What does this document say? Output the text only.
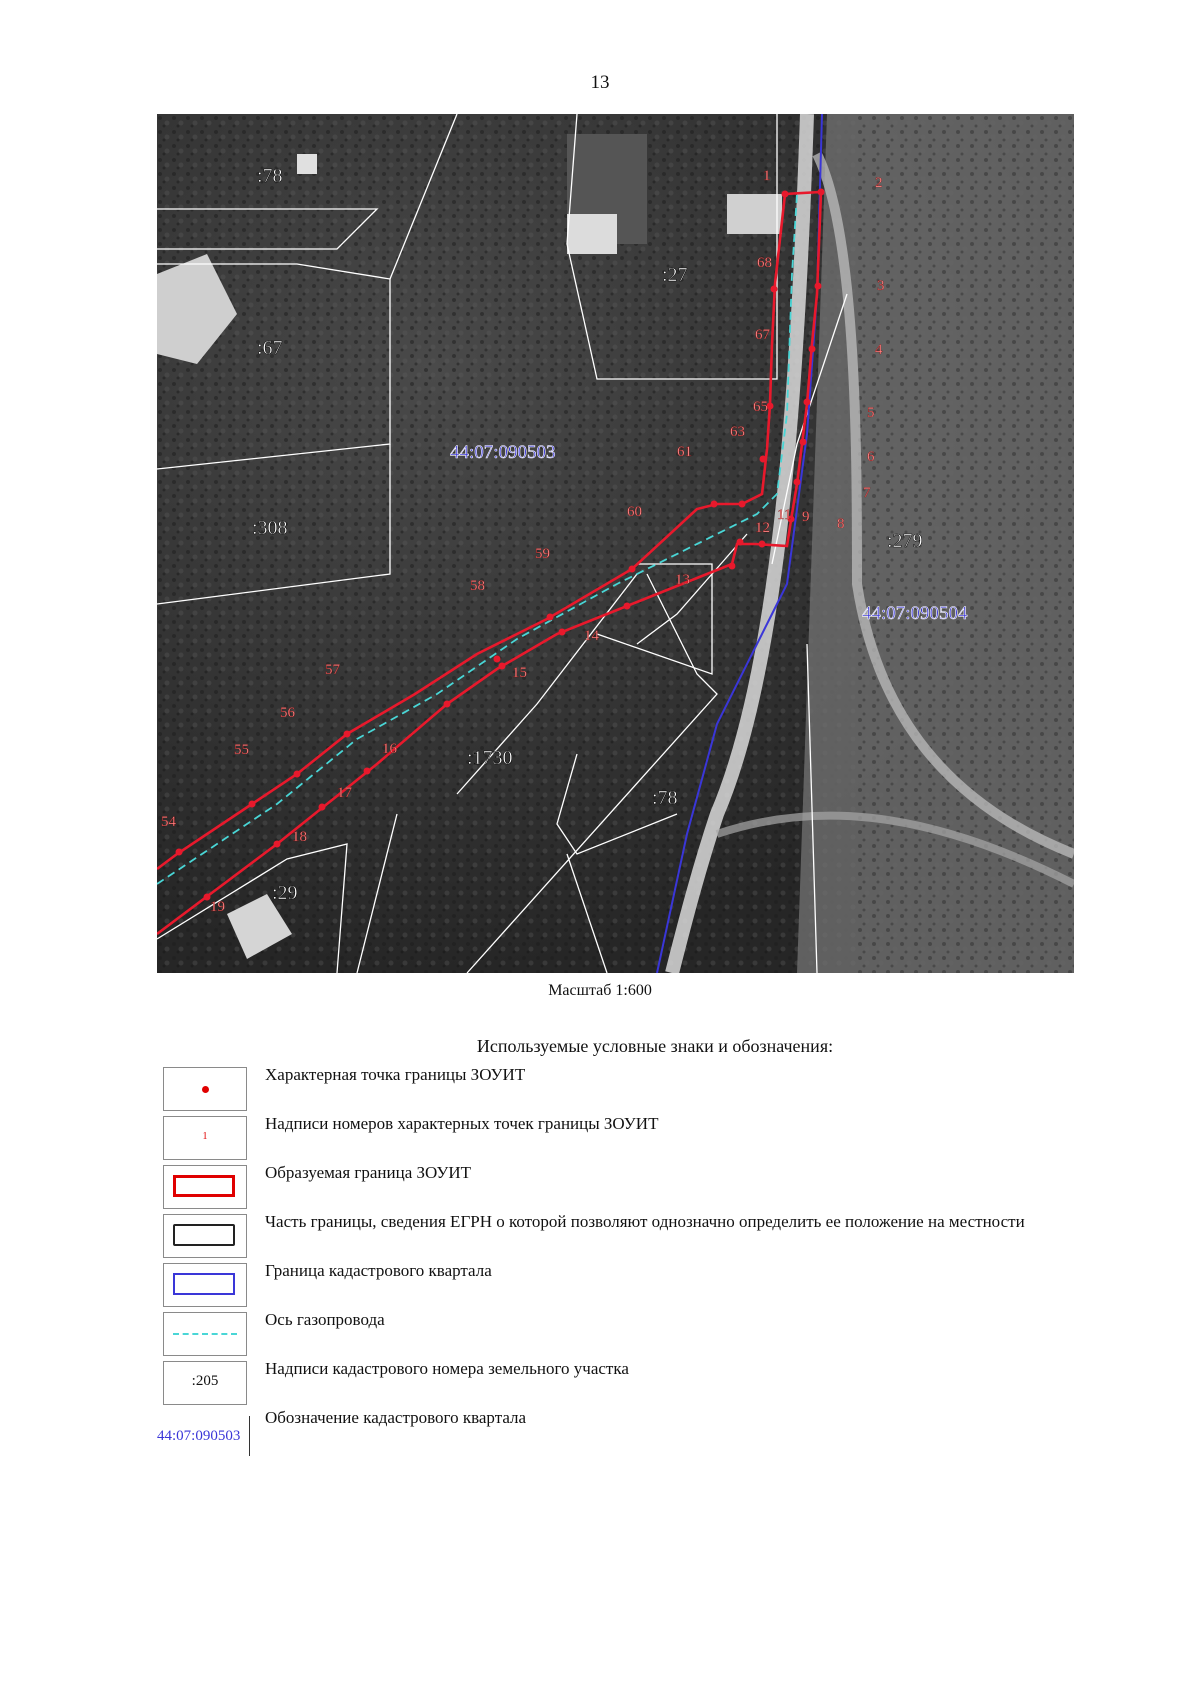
13
:78
:67
:308
:27
:279
:1730
:78
:29
44:07:090503
44:07:090504
1	2
3
4
5
6
7
8
9
11
12
13
14
15
16
17
18
19
54
55
56
57
58
59
60
61
63
65
67
68
Масштаб 1:600
Используемые условные знаки и обозначения:
Характерная точка границы ЗОУИТ
1
Надписи номеров характерных точек границы ЗОУИТ
Образуемая граница ЗОУИТ
Часть границы, сведения ЕГРН о которой позволяют однозначно определить ее положение на местности
Граница кадастрового квартала
Ось газопровода
:205
Надписи кадастрового номера земельного участка
44:07:090503
Обозначение кадастрового квартала
